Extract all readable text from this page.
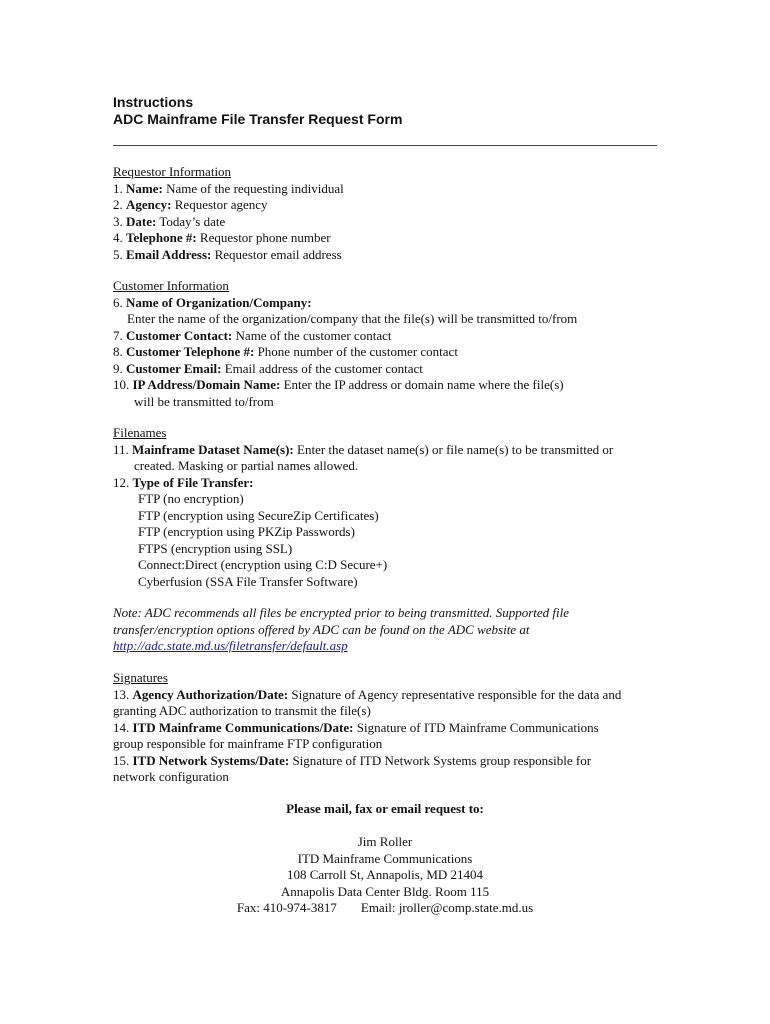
Instructions
ADC Mainframe File Transfer Request Form
Requestor Information
1. Name: Name of the requesting individual
2. Agency: Requestor agency
3. Date: Today’s date
4. Telephone #: Requestor phone number
5. Email Address: Requestor email address
Customer Information
6. Name of Organization/Company:
Enter the name of the organization/company that the file(s) will be transmitted to/from
7. Customer Contact: Name of the customer contact
8. Customer Telephone #: Phone number of the customer contact
9. Customer Email: Email address of the customer contact
10. IP Address/Domain Name: Enter the IP address or domain name where the file(s)
will be transmitted to/from
Filenames
11. Mainframe Dataset Name(s): Enter the dataset name(s) or file name(s) to be transmitted or
created. Masking or partial names allowed.
12. Type of File Transfer:
FTP (no encryption)
FTP (encryption using SecureZip Certificates)
FTP (encryption using PKZip Passwords)
FTPS (encryption using SSL)
Connect:Direct (encryption using C:D Secure+)
Cyberfusion (SSA File Transfer Software)
Note: ADC recommends all files be encrypted prior to being transmitted. Supported file
transfer/encryption options offered by ADC can be found on the ADC website at
http://adc.state.md.us/filetransfer/default.asp
Signatures
13. Agency Authorization/Date: Signature of Agency representative responsible for the data and
granting ADC authorization to transmit the file(s)
14. ITD Mainframe Communications/Date: Signature of ITD Mainframe Communications
group responsible for mainframe FTP configuration
15. ITD Network Systems/Date: Signature of ITD Network Systems group responsible for
network configuration
Please mail, fax or email request to:
Jim Roller
ITD Mainframe Communications
108 Carroll St, Annapolis, MD 21404
Annapolis Data Center Bldg. Room 115
Fax: 410-974-3817 Email: jroller@comp.state.md.us
